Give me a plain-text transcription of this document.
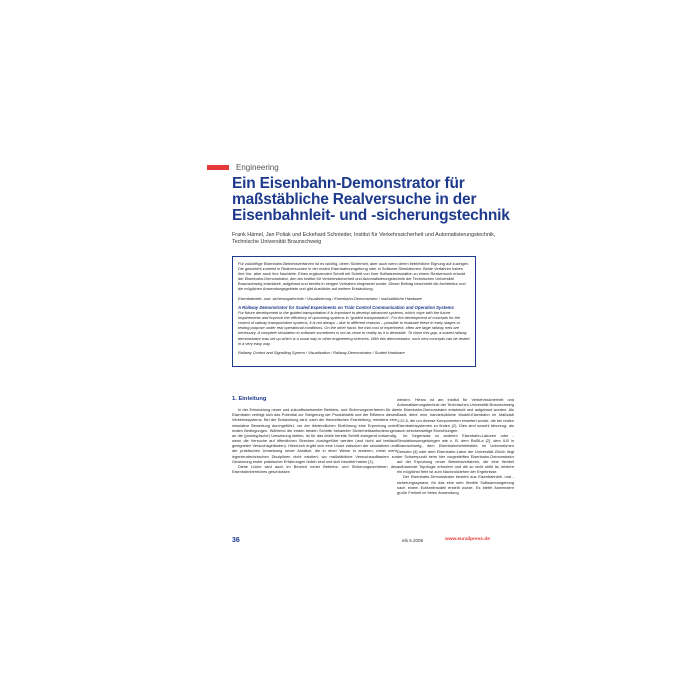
Engineering
Ein Eisenbahn-Demonstrator für maßstäbliche Realversuche in der Eisenbahnleit- und -sicherungstechnik

Frank Hämel, Jan Poliak und Eckehard Schnieder, Institut für Verkehrssicherheit und Automatisierungstechnik, Technische Universität Braunschweig

Für zukünftige Eisenbahn-Betriebsverfahren ist es wichtig, deren Sicherheit, aber auch wenn deren betriebliche Eignung auf zuzeigen. Die geschieht zumeist in Realversuchen in der realen Eisenbahnumgebung oder in Software-Simulationen. Beide Verfahren haben ihre Vor- aber auch ihre Nachteile. Einen ergänzenden Schritt mit Schritt von ihrer Softwaresimulation zu einem Realversuch erlaubt der Eisenbahn-Demonstrator, den am Institut für Verkehrssicherheit und Automatisierungstechnik der Technischen Universität Braunschweig entwickelt, aufgebaut und bereits in einigen Vorhaben eingesetzt wurde. Dieser Beitrag beschreibt die Architektur und die möglichen Anwendungsgebiete und gibt Ausblicke auf weitere Entwicklung.

Eisenbahnleit- und -sicherungstechnik / Visualisierung / Eisenbahn-Demonstrator / maßstäbliche Hardware

A Railway Demonstrator for Scaled Experiments on Train Control Communication and Operation Systems

For future development in the guided transportation it is important to develop advanced systems, which cope with the future requirements and improve the efficiency of upcoming systems in "guided transportation". For the development of concepts for the control of railway transportation systems, it is not always – due to different reasons – possible to evaluate these in early stages or testing purpose under real operational conditions. On the other hand, the trial cost of experiment, often are large railway nets are necessary. A complete simulation in software sometimes is not as close to reality as it is desirable. To close this gap, a scaled railway demonstrator was set up which is a usual way in other engineering sciences. With this demonstrator, such new concepts can be tested in a very easy way.

Railway Control and Signalling System / Visualisation / Railway-Demonstrator / Scaled Hardware

1. Einleitung

In der Entwicklung neuer und zukunftsweisender Betriebs- und Sicherungsverfahren für die Eisenbahn verfolgt sich das Potential zur Steigerung der Produktivität und der Effizienz dieses Verkehrssystems. Bei der Entwicklung wird, nach der theoretischen Erarbeitung, meistens eine simulative Bewertung durchgeführt, vor der letztendlichen Einführung eine Erprobung unter realen Bedingungen. Während die ersten beiden Schritte bekannter Sicherheitsanforderungen an die (prototypische) Umsetzung stellen, ist für das letzte bereits Schritt zwingend notwendig, wenn die Versuche auf öffentlichen Strecken durchgeführt werden (und nicht auf testfach geeigneten Versuchsgeländen). Hierdurch ergibt sich eine Lücke zwischen der simulativen und der praktischen Umsetzung neuer Ansätze, die in einer Weise in anderen, meist mehr ingenieurtechnischen Disziplinen nicht existiert, wo maßstäbliche Versuchsaufbauten zur Gewinnung erster praktischer Erfahrungen üblich sind und sich bewährt haben [1].

Diese Lücke wird auch im Bereich neuer Betriebs- und Sicherungsverfahren des Eisenbahnbereiches geschlossen

werden. Hierzu ist am Institut für Verkehrssicherheit und Automatisierungstechnik der Technischen Universität Braunschweig ein Eisenbahn-Demonstrator entwickelt und aufgebaut worden. Als Basis dient eine handelsübliche Modell-Eisenbahn im Maßstab 1:22,5, die um diverse Komponenten erweitert wurde, die bei realen Eisenbahnsystemen zu finden (2). Dies sind sowohl fahrzeug- als auch streckenseitige Einrichtungen.

Im Gegensatz zu anderen Eisenbahn-Laboren oder -Simulationsumgebungen wie z. B. dem RaSiLa [2], dem ILB in Braunschweig, dem Eisenbahnbetriebsfeld im Unternehmen Dresden [4] oder dem Eisenbahn-Labor der Universität Zürich liegt der Schwerpunkt beim hier vorgestellten Eisenbahn-Demonstrator auf der Erprobung neuer Betriebsverfahren, die eine flexibel aufbauende Topologie erfordern und die so nicht strikt ist, letztere ein möglichst freie ist zum Nachvollziehen der Ergebnisse.

Der Eisenbahn-Demonstrator besteht aus Eisenbahnleit- und -sicherungssystem, für das eine sehr flexible Softwareumgebung nach einem Echtzeitmodell erstellt wurde. Es bietet Anwendern große Freiheit im freien Anwendung

36	eib 6.2008	www.eurailpress.de
